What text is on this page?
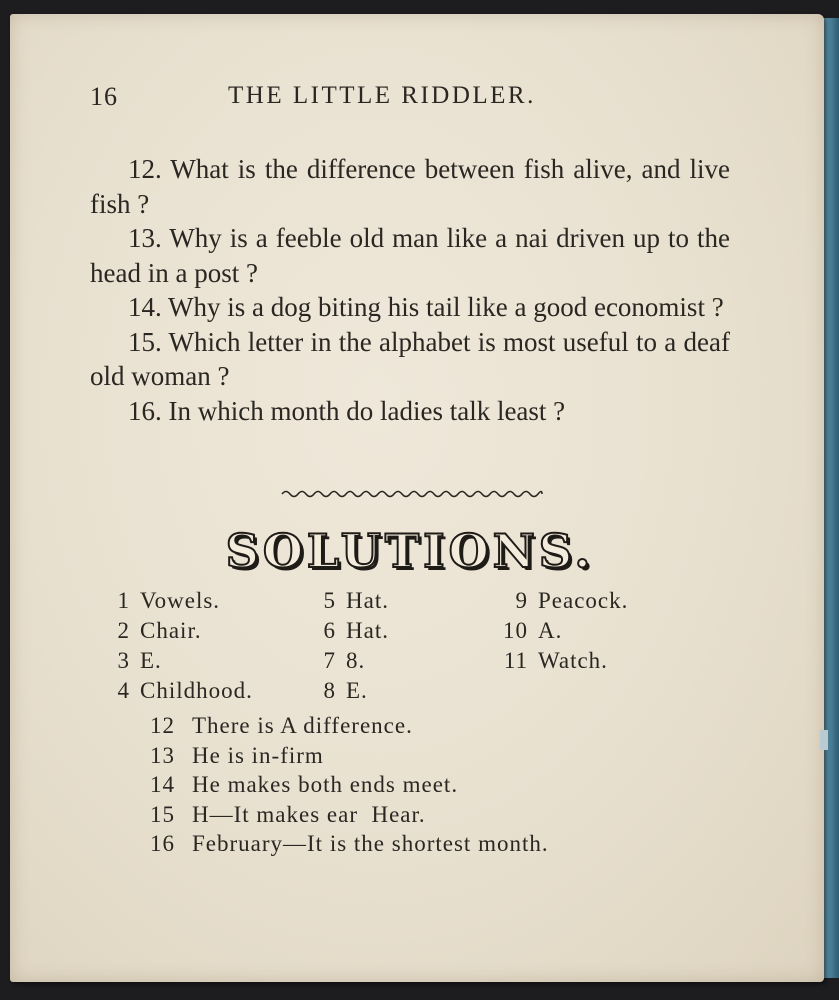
16	THE LITTLE RIDDLER.
12. What is the difference between fish alive, and live fish ?
13. Why is a feeble old man like a nai driven up to the head in a post ?
14. Why is a dog biting his tail like a good economist ?
15. Which letter in the alphabet is most useful to a deaf old woman ?
16. In which month do ladies talk least ?
SOLUTIONS.
1 Vowels.
2 Chair.
3 E.
4 Childhood.
5 Hat.
6 Hat.
7 8.
8 E.
9 Peacock.
10 A.
11 Watch.
12 There is A difference.
13 He is in-firm
14 He makes both ends meet.
15 H—It makes ear  Hear.
16 February—It is the shortest month.
